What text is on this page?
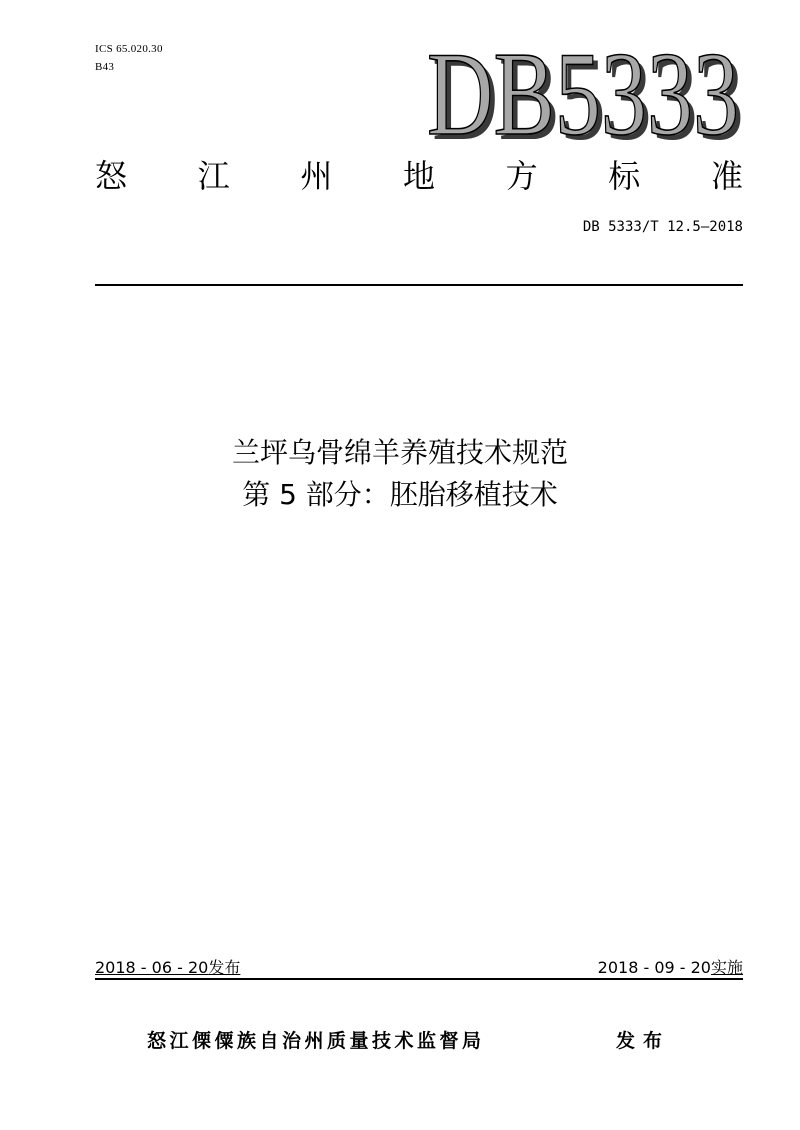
ICS 65.020.30
B43	DB5333
DB5333
怒 江 州 地 方 标 准
DB 5333/T 12.5—2018
兰坪乌骨绵羊养殖技术规范
第 5 部分：胚胎移植技术
2018 - 06 - 20发布	2018 - 09 - 20实施
怒江傈僳族自治州质量技术监督局	发布
